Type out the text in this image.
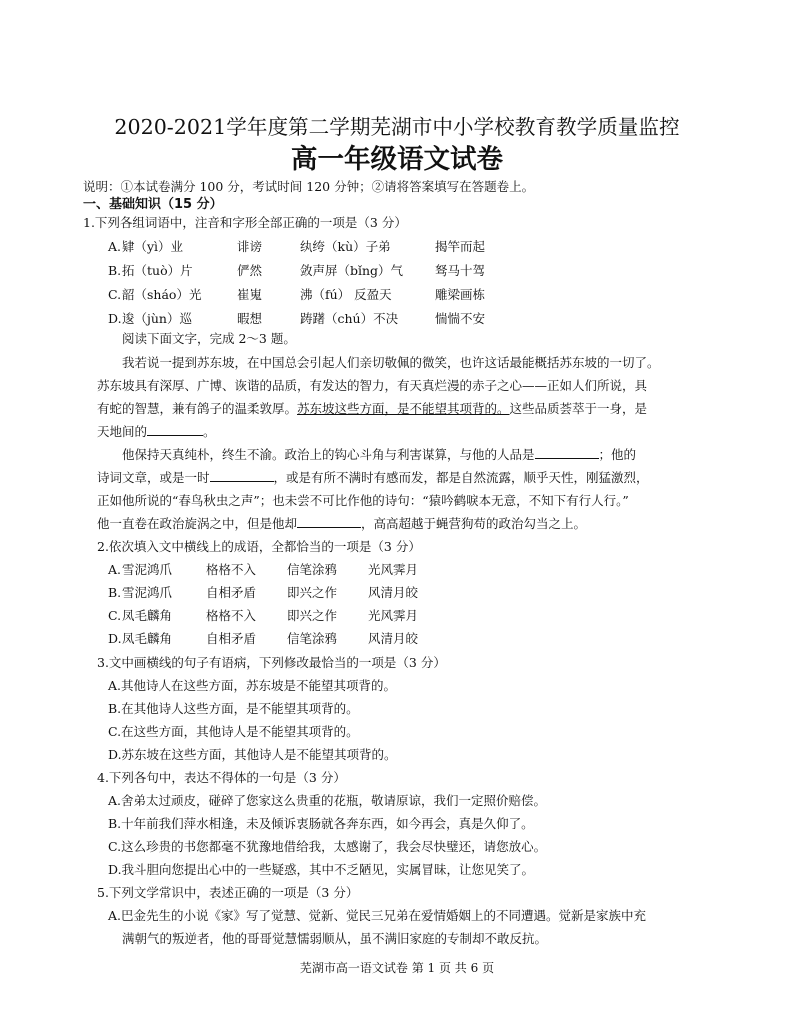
2020-2021学年度第二学期芜湖市中小学校教育教学质量监控
高一年级语文试卷
说明：①本试卷满分 100 分，考试时间 120 分钟；②请将答案填写在答题卷上。
一、基础知识（15 分）
1.下列各组词语中，注音和字形全部正确的一项是（3 分）
A. 肄（yì）业	诽谤	纨绔（kù）子弟	揭竿而起
B. 拓（tuò）片	俨然	敛声屏（bǐng）气	驽马十驾
C. 韶（sháo）光	崔嵬	沸（fú） 反盈天	雕梁画栋
D. 逡（jùn）巡	暇想	踌躇（chú）不决	惴惴不安
阅读下面文字，完成 2～3 题。
我若说一提到苏东坡，在中国总会引起人们亲切敬佩的微笑，也许这话最能概括苏东坡的一切了。
苏东坡具有深厚、广博、诙谐的品质，有发达的智力，有天真烂漫的赤子之心——正如人们所说，具
有蛇的智慧，兼有鸽子的温柔敦厚。苏东坡这些方面，是不能望其项背的。这些品质荟萃于一身，是
天地间的	。
他保持天真纯朴，终生不渝。政治上的钩心斗角与利害谋算，与他的人品是	；他的
诗词文章，或是一时	，或是有所不满时有感而发，都是自然流露，顺乎天性，刚猛激烈，
正如他所说的“春鸟秋虫之声”；也未尝不可比作他的诗句：“猿吟鹤唳本无意，不知下有行人行。”
他一直卷在政治旋涡之中，但是他却	，高高超越于蝇营狗苟的政治勾当之上。
2.依次填入文中横线上的成语，全都恰当的一项是（3 分）
A. 雪泥鸿爪	格格不入 信笔涂鸦 光风霁月
B. 雪泥鸿爪	自相矛盾 即兴之作 风清月皎
C. 凤毛麟角	格格不入 即兴之作 光风霁月
D. 凤毛麟角	自相矛盾 信笔涂鸦 风清月皎
3.文中画横线的句子有语病，下列修改最恰当的一项是（3 分）
A.其他诗人在这些方面，苏东坡是不能望其项背的。
B.在其他诗人这些方面，是不能望其项背的。
C.在这些方面，其他诗人是不能望其项背的。
D.苏东坡在这些方面，其他诗人是不能望其项背的。
4.下列各句中，表达不得体的一句是（3 分）
A.舍弟太过顽皮，碰碎了您家这么贵重的花瓶，敬请原谅，我们一定照价赔偿。
B.十年前我们萍水相逢，未及倾诉衷肠就各奔东西，如今再会，真是久仰了。
C.这么珍贵的书您都毫不犹豫地借给我，太感谢了，我会尽快璧还，请您放心。
D.我斗胆向您提出心中的一些疑惑，其中不乏陋见，实属冒昧，让您见笑了。
5.下列文学常识中，表述正确的一项是（3 分）
A.巴金先生的小说《家》写了觉慧、觉新、觉民三兄弟在爱情婚姻上的不同遭遇。觉新是家族中充
满朝气的叛逆者，他的哥哥觉慧懦弱顺从，虽不满旧家庭的专制却不敢反抗。
芜湖市高一语文试卷 第 1 页 共 6 页
